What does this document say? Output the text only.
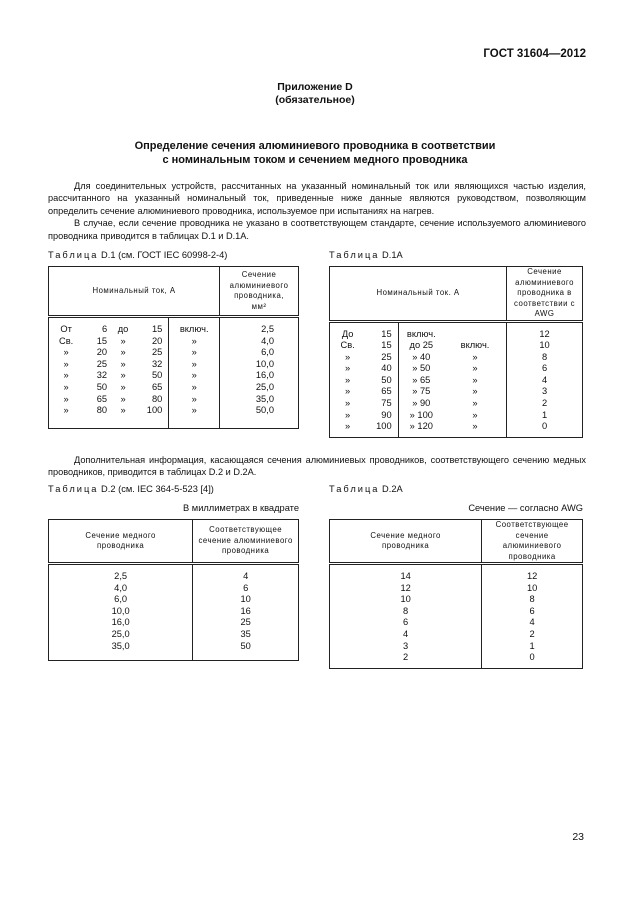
ГОСТ 31604—2012
Приложение D
(обязательное)
Определение сечения алюминиевого проводника в соответствии
с номинальным током и сечением медного проводника

Для соединительных устройств, рассчитанных на указанный номинальный ток или являющихся частью изделия, рассчитанного на указанный номинальный ток, приведенные ниже данные являются руководством, позволяющим определить сечение алюминиевого проводника, используемое при испытаниях на нагрев.

В случае, если сечение проводника не указано в соответствующем стандарте, сечение используемого алюминиевого проводника приводится в таблицах D.1 и D.1A.

Таблица D.1 (см. ГОСТ IEC 60998-2-4)
Номинальный ток, А					Сечение алюминиевого проводника, мм²
От	6	до	15	включ.	2,5
Св.	15	»	20	»	4,0
»	20	»	25	»	6,0
»	25	»	32	»	10,0
»	32	»	50	»	16,0
»	50	»	65	»	25,0
»	65	»	80	»	35,0
»	80	»	100	»	50,0
Таблица D.1A
Номинальный ток. А				Сечение алюминиевого проводника в соответствии с AWG
До	15	включ.		12
Св.	15	до 25	включ.	10
»	25	» 40	»	8
»	40	» 50	»	6
»	50	» 65	»	4
»	65	» 75	»	3
»	75	» 90	»	2
»	90	» 100	»	1
»	100	» 120	»	0

Дополнительная информация, касающаяся сечения алюминиевых проводников, соответствующего сечению медных проводников, приводится в таблицах D.2 и D.2A.

Таблица D.2 (см. IEC 364-5-523 [4])
В миллиметрах в квадрате
Сечение медного проводника	Соответствующее сечение алюминиевого проводника
2,5	4
4,0	6
6,0	10
10,0	16
16,0	25
25,0	35
35,0	50
Таблица D.2A
Сечение — согласно AWG
Сечение медного проводника	Соответствующее сечение алюминиевого проводника
14	12
12	10
10	8
8	6
6	4
4	2
3	1
2	0
23
